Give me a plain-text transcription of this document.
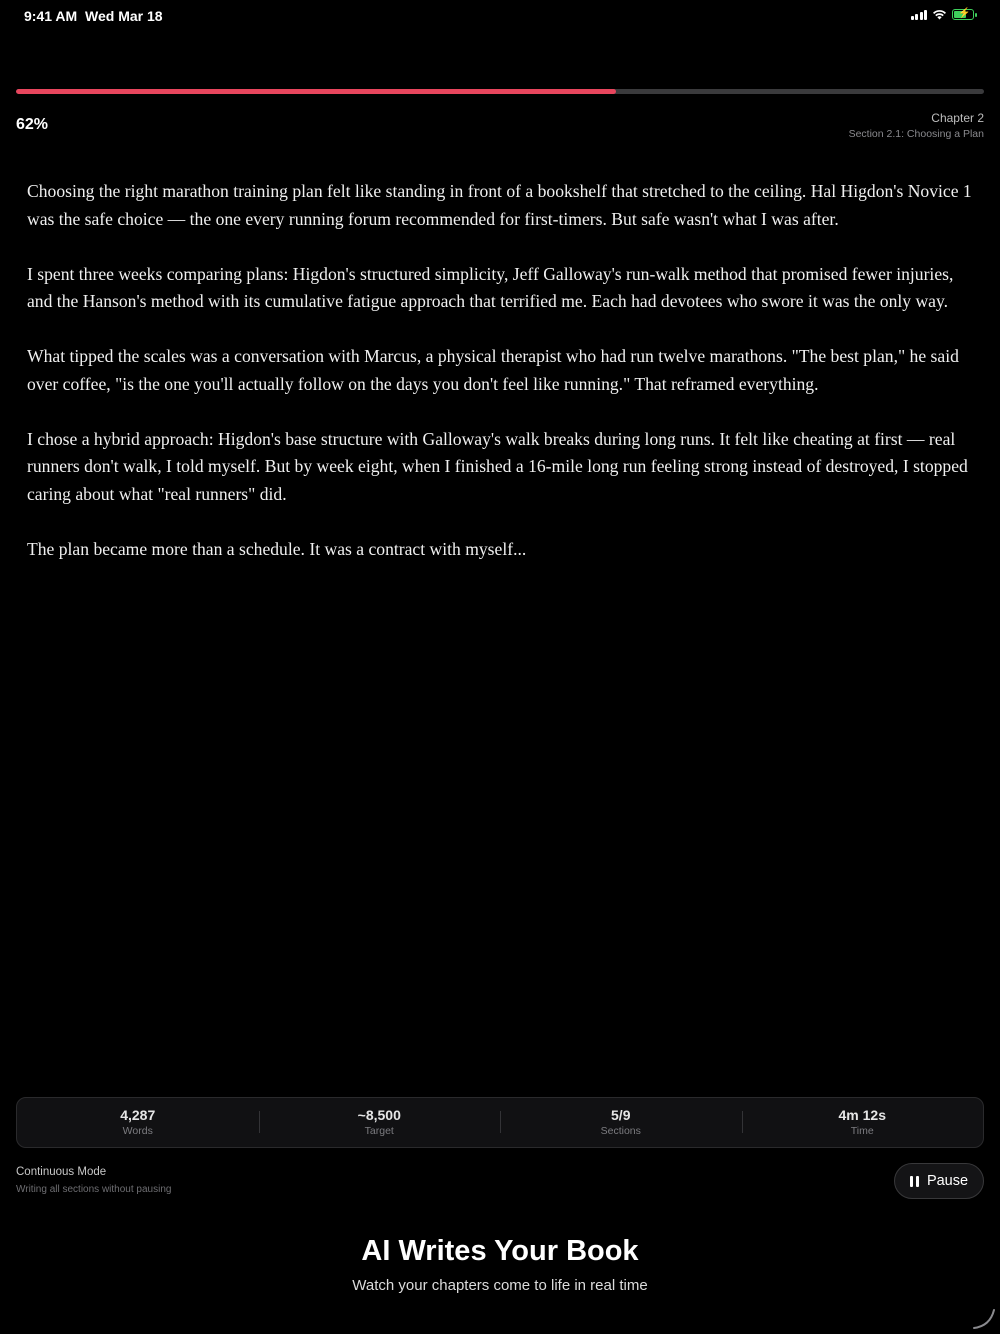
9:41 AM Wed Mar 18	⚡
62%	Chapter 2
Section 2.1: Choosing a Plan

Choosing the right marathon training plan felt like standing in front of a bookshelf that stretched to the ceiling. Hal Higdon's Novice 1 was the safe choice — the one every running forum recommended for first-timers. But safe wasn't what I was after.

I spent three weeks comparing plans: Higdon's structured simplicity, Jeff Galloway's run-walk method that promised fewer injuries, and the Hanson's method with its cumulative fatigue approach that terrified me. Each had devotees who swore it was the only way.

What tipped the scales was a conversation with Marcus, a physical therapist who had run twelve marathons. "The best plan," he said over coffee, "is the one you'll actually follow on the days you don't feel like running." That reframed everything.

I chose a hybrid approach: Higdon's base structure with Galloway's walk breaks during long runs. It felt like cheating at first — real runners don't walk, I told myself. But by week eight, when I finished a 16-mile long run feeling strong instead of destroyed, I stopped caring about what "real runners" did.

The plan became more than a schedule. It was a contract with myself...

4,287
Words
~8,500
Target
5/9
Sections
4m 12s
Time
Continuous Mode
Writing all sections without pausing
Pause
AI Writes Your Book
Watch your chapters come to life in real time
